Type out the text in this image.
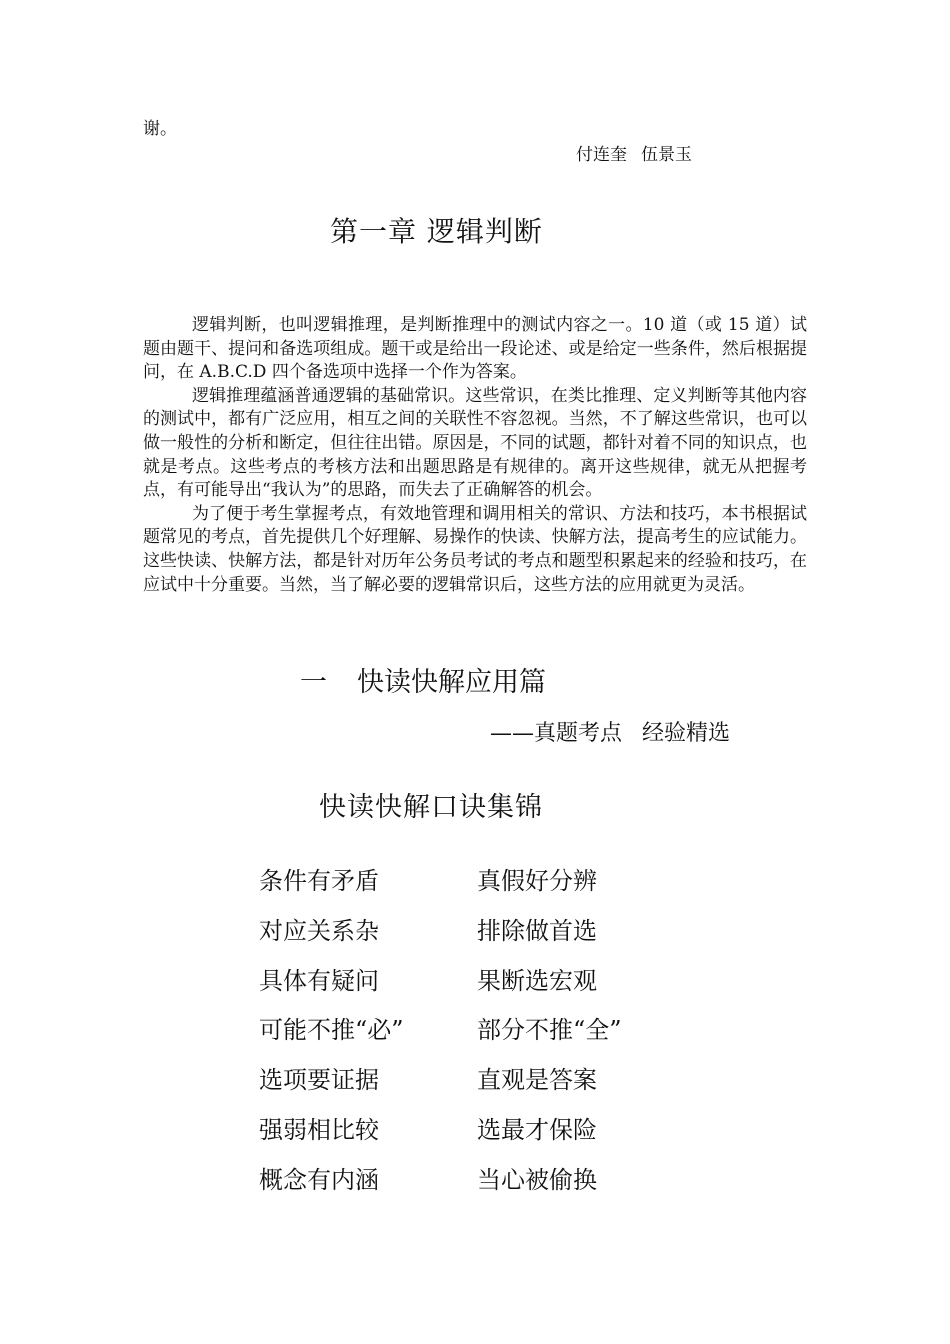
谢。
付连奎 伍景玉
第一章 逻辑判断

逻辑判断，也叫逻辑推理，是判断推理中的测试内容之一。10 道（或 15 道）试题由题干、提问和备选项组成。题干或是给出一段论述、或是给定一些条件，然后根据提问，在 A.B.C.D 四个备选项中选择一个作为答案。

逻辑推理蕴涵普通逻辑的基础常识。这些常识，在类比推理、定义判断等其他内容的测试中，都有广泛应用，相互之间的关联性不容忽视。当然，不了解这些常识，也可以做一般性的分析和断定，但往往出错。原因是，不同的试题，都针对着不同的知识点，也就是考点。这些考点的考核方法和出题思路是有规律的。离开这些规律，就无从把握考点，有可能导出“我认为”的思路，而失去了正确解答的机会。

为了便于考生掌握考点，有效地管理和调用相关的常识、方法和技巧，本书根据试题常见的考点，首先提供几个好理解、易操作的快读、快解方法，提高考生的应试能力。这些快读、快解方法，都是针对历年公务员考试的考点和题型积累起来的经验和技巧，在应试中十分重要。当然，当了解必要的逻辑常识后，这些方法的应用就更为灵活。

一 快读快解应用篇
——真题考点 经验精选
快读快解口诀集锦
条件有矛盾	真假好分辨
对应关系杂	排除做首选
具体有疑问	果断选宏观
可能不推“必”	部分不推“全”
选项要证据	直观是答案
强弱相比较	选最才保险
概念有内涵	当心被偷换
